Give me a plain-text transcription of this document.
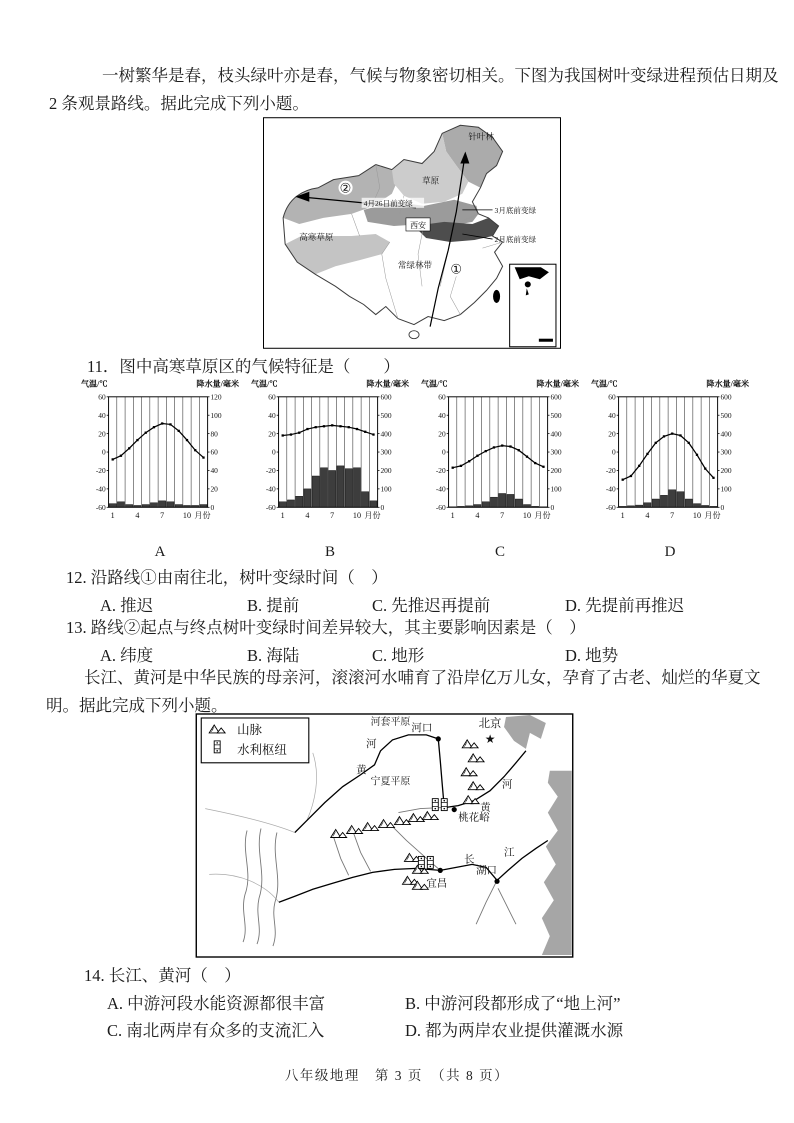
一树繁华是春，枝头绿叶亦是春，气候与物象密切相关。下图为我国树叶变绿进程预估日期及
2 条观景路线。据此完成下列小题。
①
②
针叶林
草原
高寒草原
常绿林带
西安
4月26日前变绿
3月底前变绿
2月底前变绿
11．图中高寒草原区的气候特征是（　　）
气温/℃	降水量/毫米
60
40
20
0
-20
-40
-60
120
100
80
60
40
20
0
1 4 7 10 月份
气温/℃	降水量/毫米
60
40
20
0
-20
-40
-60
600
500
400
300
200
100
0
1 4 7 10 月份
气温/℃	降水量/毫米
60
40
20
0
-20
-40
-60
600
500
400
300
200
100
0
1 4 7 10 月份
气温/℃	降水量/毫米
60
40
20
0
-20
-40
-60
600
500
400
300
200
100
0
1 4 7 10 月份
A	B	C	D
12. 沿路线①由南往北，树叶变绿时间（　）
A. 推迟	B. 提前	C. 先推迟再提前	D. 先提前再推迟
13. 路线②起点与终点树叶变绿时间差异较大，其主要影响因素是（　）
A. 纬度	B. 海陆	C. 地形	D. 地势
长江、黄河是中华民族的母亲河，滚滚河水哺育了沿岸亿万儿女，孕育了古老、灿烂的华夏文
明。据此完成下列小题。
河套平原
河口	北京
★
河
黄
宁夏平原
桃花峪
黄
河
长
江
湖口
宜昌
山脉
水利枢纽
14. 长江、黄河（　）
A. 中游河段水能资源都很丰富	B. 中游河段都形成了“地上河”
C. 南北两岸有众多的支流汇入	D. 都为两岸农业提供灌溉水源
八年级地理　第 3 页　（共 8 页）
